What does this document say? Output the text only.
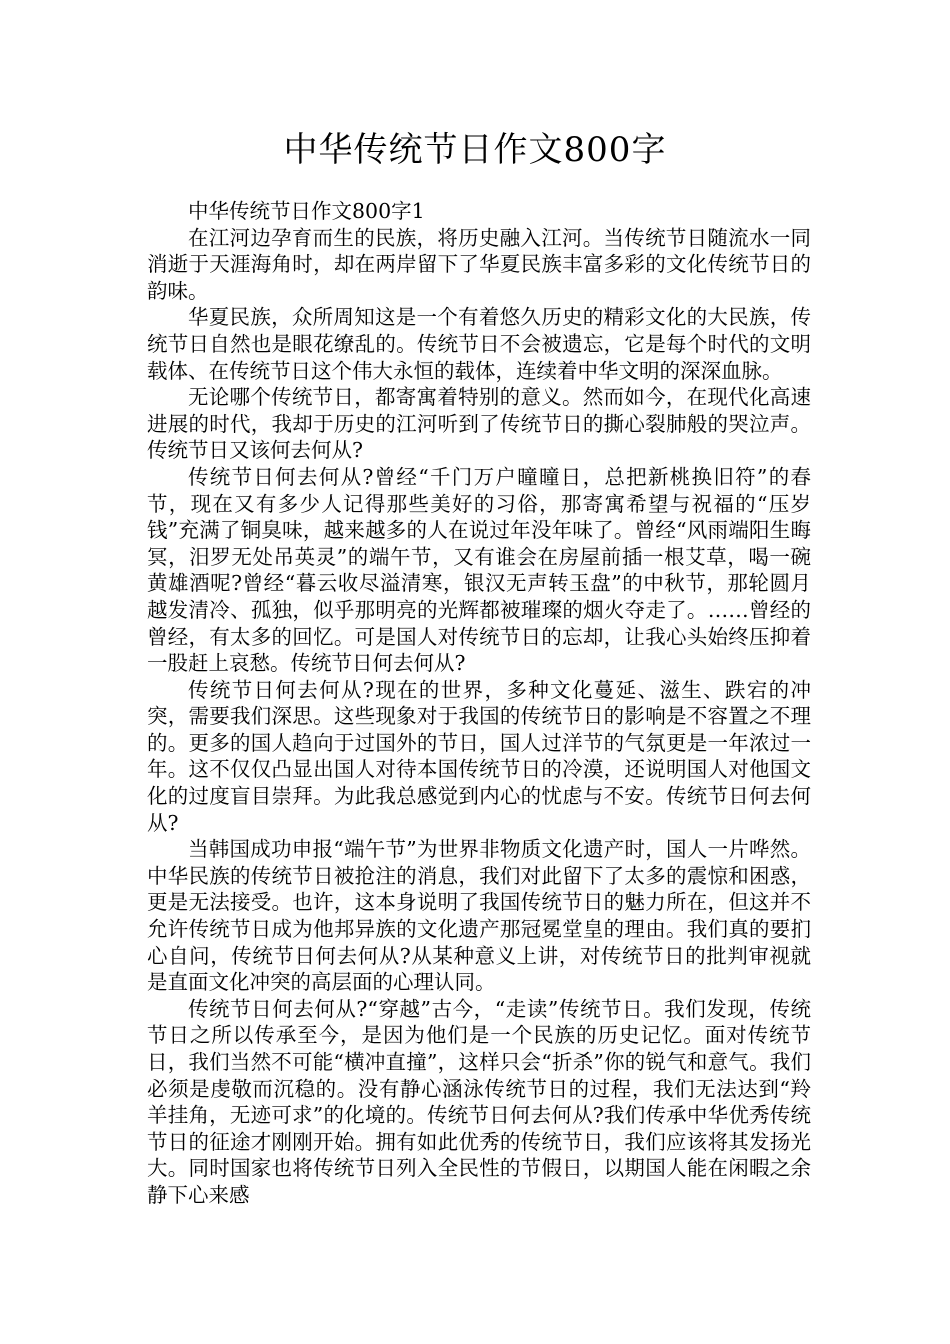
中华传统节日作文800字

中华传统节日作文800字1

在江河边孕育而生的民族，将历史融入江河。当传统节日随流水一同消逝于天涯海角时，却在两岸留下了华夏民族丰富多彩的文化传统节日的韵味。

华夏民族，众所周知这是一个有着悠久历史的精彩文化的大民族，传统节日自然也是眼花缭乱的。传统节日不会被遗忘，它是每个时代的文明载体、在传统节日这个伟大永恒的载体，连续着中华文明的深深血脉。

无论哪个传统节日，都寄寓着特别的意义。然而如今，在现代化高速进展的时代，我却于历史的江河听到了传统节日的撕心裂肺般的哭泣声。传统节日又该何去何从?

传统节日何去何从?曾经“千门万户曈曈日，总把新桃换旧符”的春节，现在又有多少人记得那些美好的习俗，那寄寓希望与祝福的“压岁钱”充满了铜臭味，越来越多的人在说过年没年味了。曾经“风雨端阳生晦冥，汨罗无处吊英灵”的端午节，又有谁会在房屋前插一根艾草，喝一碗黄雄酒呢?曾经“暮云收尽溢清寒，银汉无声转玉盘”的中秋节，那轮圆月越发清冷、孤独，似乎那明亮的光辉都被璀璨的烟火夺走了。……曾经的曾经，有太多的回忆。可是国人对传统节日的忘却，让我心头始终压抑着一股赶上哀愁。传统节日何去何从?

传统节日何去何从?现在的世界，多种文化蔓延、滋生、跌宕的冲突，需要我们深思。这些现象对于我国的传统节日的影响是不容置之不理的。更多的国人趋向于过国外的节日，国人过洋节的气氛更是一年浓过一年。这不仅仅凸显出国人对待本国传统节日的冷漠，还说明国人对他国文化的过度盲目崇拜。为此我总感觉到内心的忧虑与不安。传统节日何去何从?

当韩国成功申报“端午节”为世界非物质文化遗产时，国人一片哗然。中华民族的传统节日被抢注的消息，我们对此留下了太多的震惊和困惑，更是无法接受。也许，这本身说明了我国传统节日的魅力所在，但这并不允许传统节日成为他邦异族的文化遗产那冠冕堂皇的理由。我们真的要扪心自问，传统节日何去何从?从某种意义上讲，对传统节日的批判审视就是直面文化冲突的高层面的心理认同。

传统节日何去何从?“穿越”古今，“走读”传统节日。我们发现，传统节日之所以传承至今，是因为他们是一个民族的历史记忆。面对传统节日，我们当然不可能“横冲直撞”，这样只会“折杀”你的锐气和意气。我们必须是虔敬而沉稳的。没有静心涵泳传统节日的过程，我们无法达到“羚羊挂角，无迹可求”的化境的。传统节日何去何从?我们传承中华优秀传统节日的征途才刚刚开始。拥有如此优秀的传统节日，我们应该将其发扬光大。同时国家也将传统节日列入全民性的节假日，以期国人能在闲暇之余静下心来感
